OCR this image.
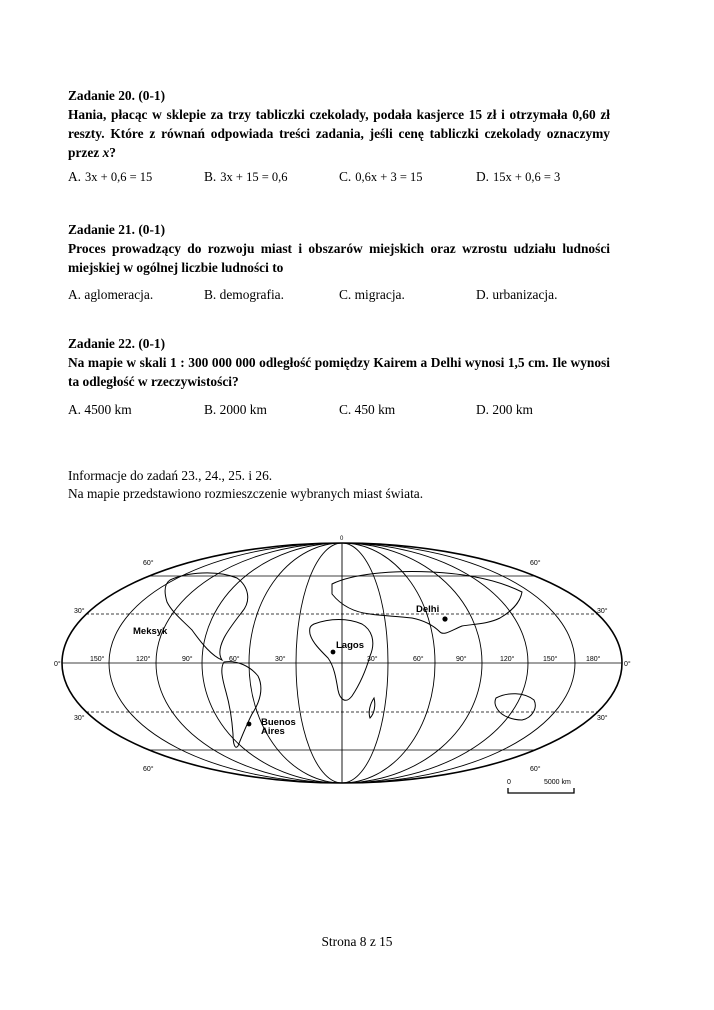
Zadanie 20. (0-1)
Hania, płacąc w sklepie za trzy tabliczki czekolady, podała kasjerce 15 zł i otrzymała 0,60 zł reszty. Które z równań odpowiada treści zadania, jeśli cenę tabliczki czekolady oznaczymy przez x?
A. 3x + 0,6 = 15	B. 3x + 15 = 0,6	C. 0,6x + 3 = 15	D. 15x + 0,6 = 3
Zadanie 21. (0-1)
Proces prowadzący do rozwoju miast i obszarów miejskich oraz wzrostu udziału ludności miejskiej w ogólnej liczbie ludności to
A. aglomeracja.	B. demografia.	C. migracja.	D. urbanizacja.
Zadanie 22. (0-1)
Na mapie w skali 1 : 300 000 000 odległość pomiędzy Kairem a Delhi wynosi 1,5 cm. Ile wynosi ta odległość w rzeczywistości?
A. 4500 km	B. 2000 km	C. 450 km	D. 200 km
Informacje do zadań 23., 24., 25. i 26.
Na mapie przedstawiono rozmieszczenie wybranych miast świata.
Delhi
Meksyk
Lagos
Buenos
Aires
60°	60°
30°	30°
0°	0°
30°	30°
60°	60°
150°	120°	90°	60°	30°	30°	60°	90°	120°	150°	180°
0
0	5000 km
Strona 8 z 15
